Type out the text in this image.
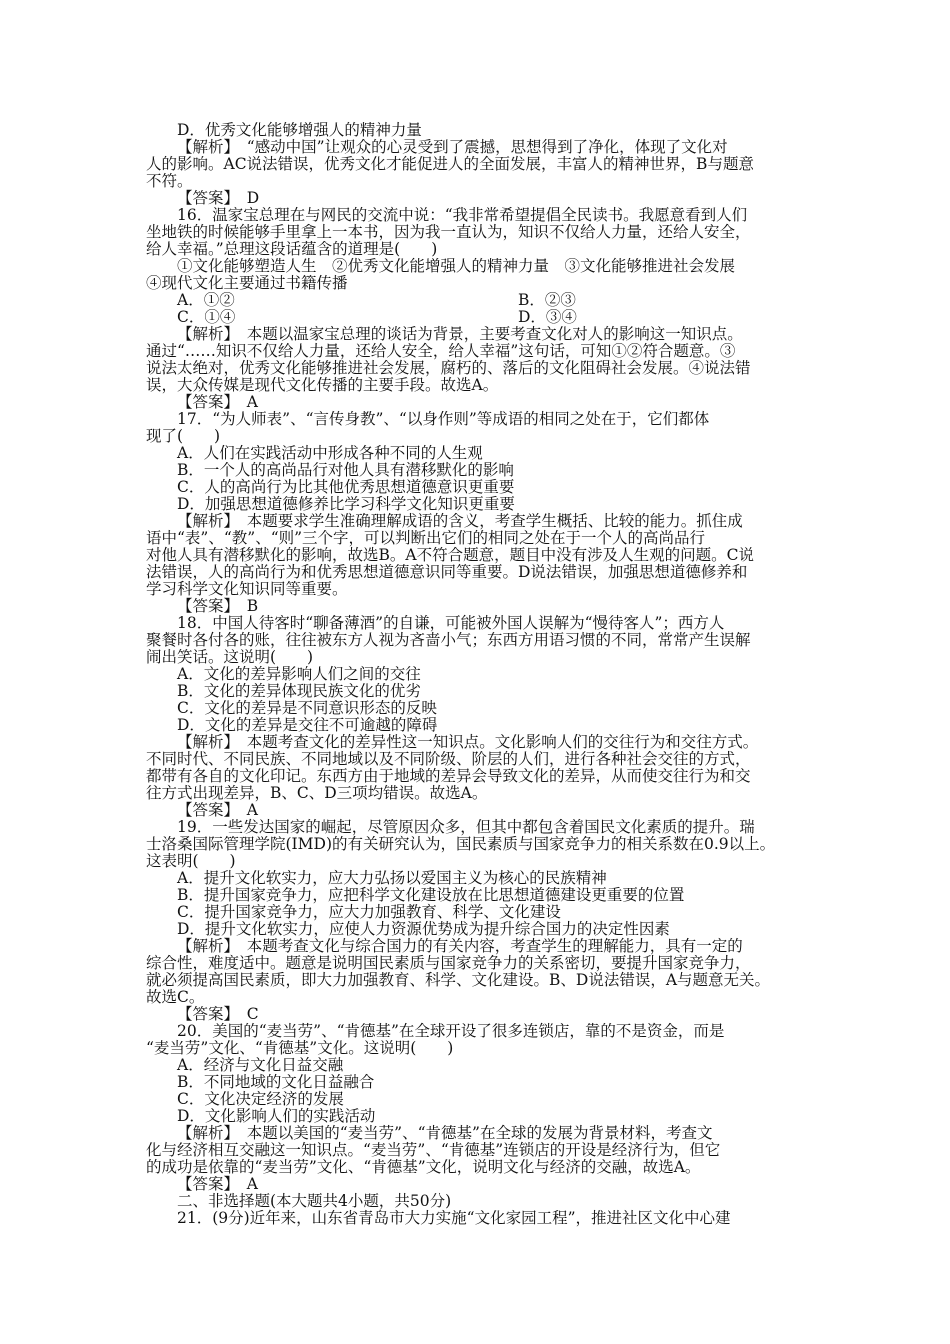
D．优秀文化能够增强人的精神力量
【解析】　“感动中国”让观众的心灵受到了震撼，思想得到了净化，体现了文化对
人的影响。AC说法错误，优秀文化才能促进人的全面发展，丰富人的精神世界，B与题意
不符。
【答案】　D
16．温家宝总理在与网民的交流中说：“我非常希望提倡全民读书。我愿意看到人们
坐地铁的时候能够手里拿上一本书，因为我一直认为，知识不仅给人力量，还给人安全，
给人幸福。”总理这段话蕴含的道理是(　　)
①文化能够塑造人生　②优秀文化能增强人的精神力量　③文化能够推进社会发展
④现代文化主要通过书籍传播
A．①②	B．②③
C．①④	D．③④
【解析】　本题以温家宝总理的谈话为背景，主要考查文化对人的影响这一知识点。
通过“……知识不仅给人力量，还给人安全，给人幸福”这句话，可知①②符合题意。③
说法太绝对，优秀文化能够推进社会发展，腐朽的、落后的文化阻碍社会发展。④说法错
误，大众传媒是现代文化传播的主要手段。故选A。
【答案】　A
17．“为人师表”、“言传身教”、“以身作则”等成语的相同之处在于，它们都体
现了(　　)
A．人们在实践活动中形成各种不同的人生观
B．一个人的高尚品行对他人具有潜移默化的影响
C．人的高尚行为比其他优秀思想道德意识更重要
D．加强思想道德修养比学习科学文化知识更重要
【解析】　本题要求学生准确理解成语的含义，考查学生概括、比较的能力。抓住成
语中“表”、“教”、“则”三个字，可以判断出它们的相同之处在于一个人的高尚品行
对他人具有潜移默化的影响，故选B。A不符合题意，题目中没有涉及人生观的问题。C说
法错误，人的高尚行为和优秀思想道德意识同等重要。D说法错误，加强思想道德修养和
学习科学文化知识同等重要。
【答案】　B
18．中国人待客时“聊备薄酒”的自谦，可能被外国人误解为“慢待客人”；西方人
聚餐时各付各的账，往往被东方人视为吝啬小气；东西方用语习惯的不同，常常产生误解
闹出笑话。这说明(　　)
A．文化的差异影响人们之间的交往
B．文化的差异体现民族文化的优劣
C．文化的差异是不同意识形态的反映
D．文化的差异是交往不可逾越的障碍
【解析】　本题考查文化的差异性这一知识点。文化影响人们的交往行为和交往方式。
不同时代、不同民族、不同地域以及不同阶级、阶层的人们，进行各种社会交往的方式，
都带有各自的文化印记。东西方由于地域的差异会导致文化的差异，从而使交往行为和交
往方式出现差异，B、C、D三项均错误。故选A。
【答案】　A
19．一些发达国家的崛起，尽管原因众多，但其中都包含着国民文化素质的提升。瑞
士洛桑国际管理学院(IMD)的有关研究认为，国民素质与国家竞争力的相关系数在0.9以上。
这表明(　　)
A．提升文化软实力，应大力弘扬以爱国主义为核心的民族精神
B．提升国家竞争力，应把科学文化建设放在比思想道德建设更重要的位置
C．提升国家竞争力，应大力加强教育、科学、文化建设
D．提升文化软实力，应使人力资源优势成为提升综合国力的决定性因素
【解析】　本题考查文化与综合国力的有关内容，考查学生的理解能力，具有一定的
综合性，难度适中。题意是说明国民素质与国家竞争力的关系密切，要提升国家竞争力，
就必须提高国民素质，即大力加强教育、科学、文化建设。B、D说法错误，A与题意无关。
故选C。
【答案】　C
20．美国的“麦当劳”、“肯德基”在全球开设了很多连锁店，靠的不是资金，而是
“麦当劳”文化、“肯德基”文化。这说明(　　)
A．经济与文化日益交融
B．不同地域的文化日益融合
C．文化决定经济的发展
D．文化影响人们的实践活动
【解析】　本题以美国的“麦当劳”、“肯德基”在全球的发展为背景材料，考查文
化与经济相互交融这一知识点。“麦当劳”、“肯德基”连锁店的开设是经济行为，但它
的成功是依靠的“麦当劳”文化、“肯德基”文化，说明文化与经济的交融，故选A。
【答案】　A
二、非选择题(本大题共4小题，共50分)
21．(9分)近年来，山东省青岛市大力实施“文化家园工程”，推进社区文化中心建
